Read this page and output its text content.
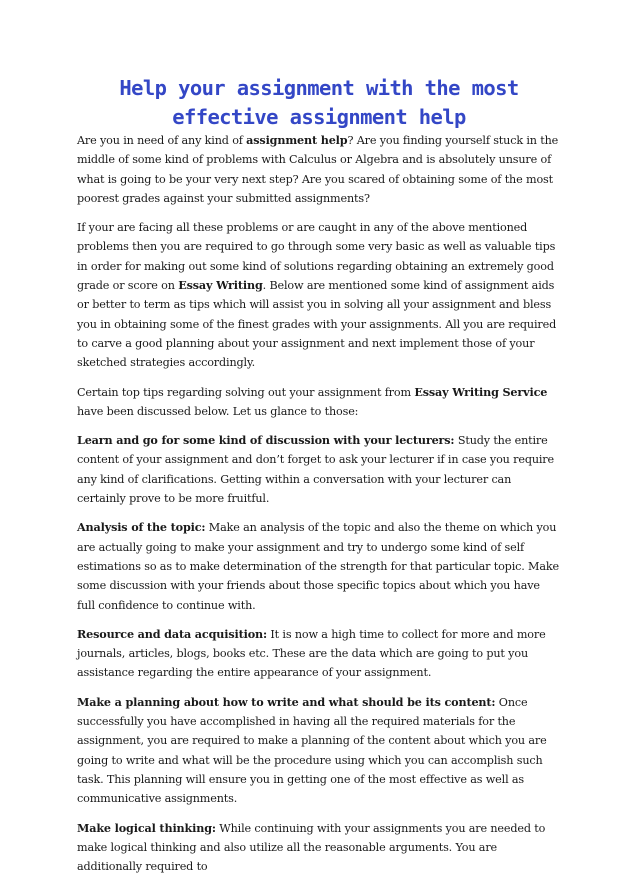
Help your assignment with the most
effective assignment help

Are you in need of any kind of assignment help? Are you finding yourself stuck in the middle of some kind of problems with Calculus or Algebra and is absolutely unsure of what is going to be your very next step? Are you scared of obtaining some of the most poorest grades against your submitted assignments?

If your are facing all these problems or are caught in any of the above mentioned problems then you are required to go through some very basic as well as valuable tips in order for making out some kind of solutions regarding obtaining an extremely good grade or score on Essay Writing. Below are mentioned some kind of assignment aids or better to term as tips which will assist you in solving all your assignment and bless you in obtaining some of the finest grades with your assignments. All you are required to carve a good planning about your assignment and next implement those of your sketched strategies accordingly.

Certain top tips regarding solving out your assignment from Essay Writing Service have been discussed below. Let us glance to those:

Learn and go for some kind of discussion with your lecturers: Study the entire content of your assignment and don’t forget to ask your lecturer if in case you require any kind of clarifications. Getting within a conversation with your lecturer can certainly prove to be more fruitful.

Analysis of the topic: Make an analysis of the topic and also the theme on which you are actually going to make your assignment and try to undergo some kind of self estimations so as to make determination of the strength for that particular topic. Make some discussion with your friends about those specific topics about which you have full confidence to continue with.

Resource and data acquisition: It is now a high time to collect for more and more journals, articles, blogs, books etc. These are the data which are going to put you assistance regarding the entire appearance of your assignment.

Make a planning about how to write and what should be its content: Once successfully you have accomplished in having all the required materials for the assignment, you are required to make a planning of the content about which you are going to write and what will be the procedure using which you can accomplish such task. This planning will ensure you in getting one of the most effective as well as communicative assignments.

Make logical thinking: While continuing with your assignments you are needed to make logical thinking and also utilize all the reasonable arguments. You are additionally required to
